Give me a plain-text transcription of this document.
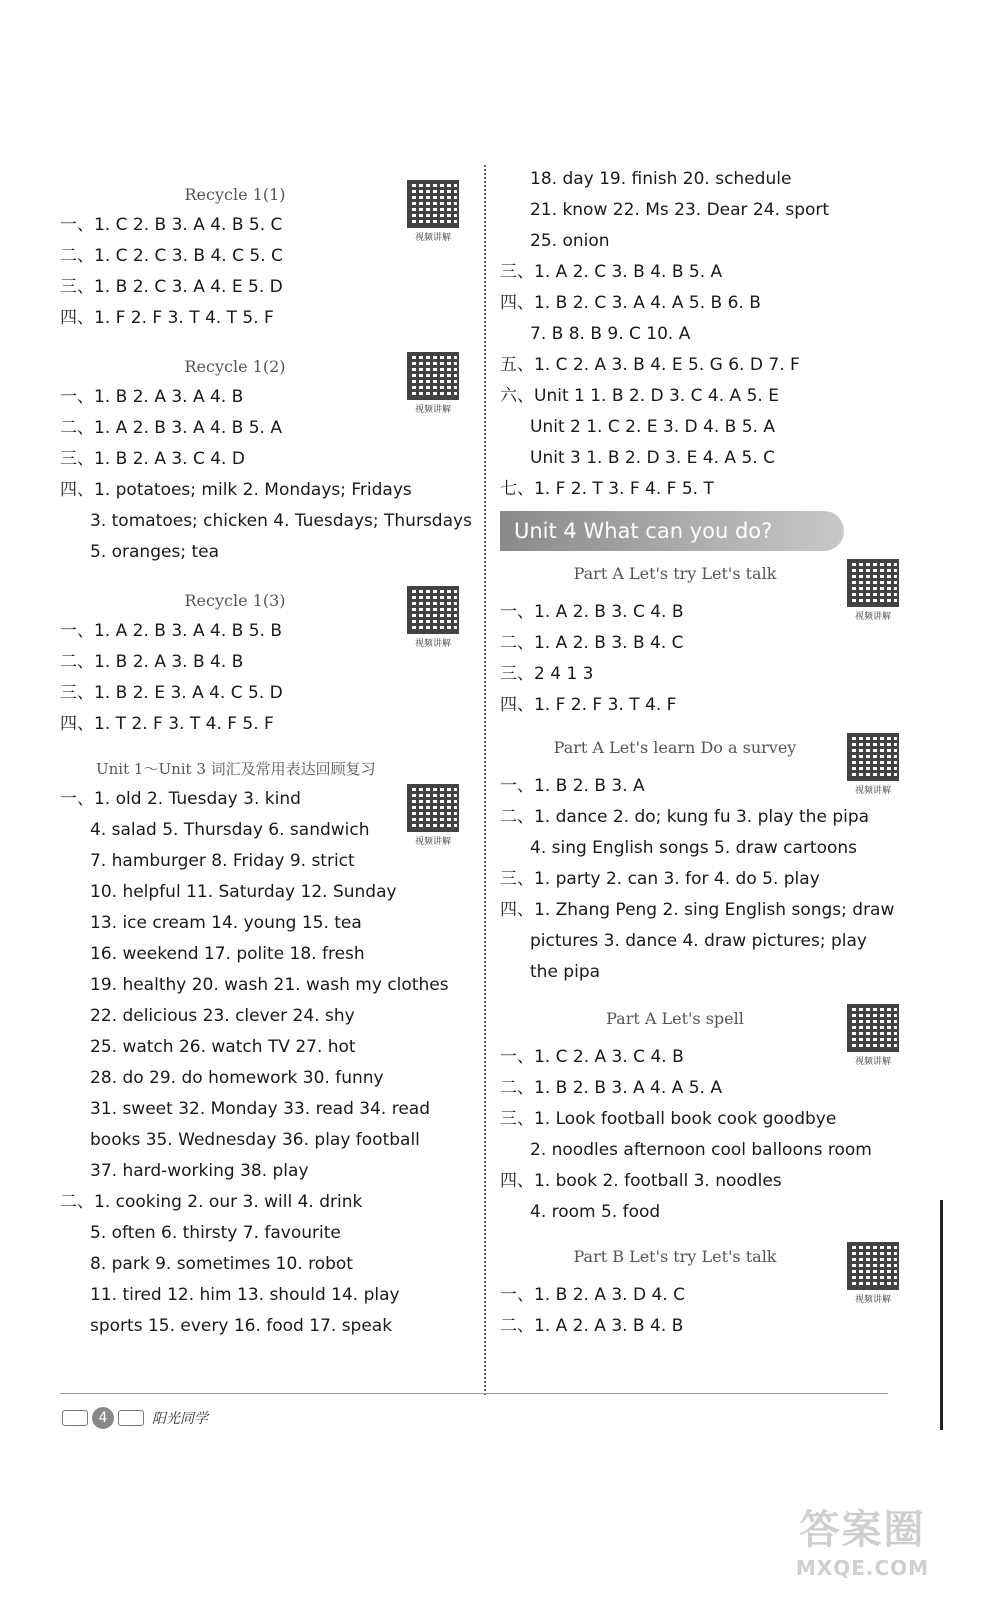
Recycle 1(1)
视频讲解
一、1. C 2. B 3. A 4. B 5. C
二、1. C 2. C 3. B 4. C 5. C
三、1. B 2. C 3. A 4. E 5. D
四、1. F 2. F 3. T 4. T 5. F
Recycle 1(2)
视频讲解
一、1. B 2. A 3. A 4. B
二、1. A 2. B 3. A 4. B 5. A
三、1. B 2. A 3. C 4. D
四、1. potatoes; milk 2. Mondays; Fridays
3. tomatoes; chicken 4. Tuesdays; Thursdays
5. oranges; tea
Recycle 1(3)
视频讲解
一、1. A 2. B 3. A 4. B 5. B
二、1. B 2. A 3. B 4. B
三、1. B 2. E 3. A 4. C 5. D
四、1. T 2. F 3. T 4. F 5. F
Unit 1～Unit 3 词汇及常用表达回顾复习
视频讲解
一、1. old 2. Tuesday 3. kind
4. salad 5. Thursday 6. sandwich
7. hamburger 8. Friday 9. strict
10. helpful 11. Saturday 12. Sunday
13. ice cream 14. young 15. tea
16. weekend 17. polite 18. fresh
19. healthy 20. wash 21. wash my clothes
22. delicious 23. clever 24. shy
25. watch 26. watch TV 27. hot
28. do 29. do homework 30. funny
31. sweet 32. Monday 33. read 34. read
books 35. Wednesday 36. play football
37. hard-working 38. play
二、1. cooking 2. our 3. will 4. drink
5. often 6. thirsty 7. favourite
8. park 9. sometimes 10. robot
11. tired 12. him 13. should 14. play
sports 15. every 16. food 17. speak
18. day 19. finish 20. schedule
21. know 22. Ms 23. Dear 24. sport
25. onion
三、1. A 2. C 3. B 4. B 5. A
四、1. B 2. C 3. A 4. A 5. B 6. B
7. B 8. B 9. C 10. A
五、1. C 2. A 3. B 4. E 5. G 6. D 7. F
六、Unit 1 1. B 2. D 3. C 4. A 5. E
Unit 2 1. C 2. E 3. D 4. B 5. A
Unit 3 1. B 2. D 3. E 4. A 5. C
七、1. F 2. T 3. F 4. F 5. T
Unit 4 What can you do?
Part A Let's try Let's talk
视频讲解
一、1. A 2. B 3. C 4. B
二、1. A 2. B 3. B 4. C
三、2 4 1 3
四、1. F 2. F 3. T 4. F
Part A Let's learn Do a survey
视频讲解
一、1. B 2. B 3. A
二、1. dance 2. do; kung fu 3. play the pipa
4. sing English songs 5. draw cartoons
三、1. party 2. can 3. for 4. do 5. play
四、1. Zhang Peng 2. sing English songs; draw
pictures 3. dance 4. draw pictures; play
the pipa
Part A Let's spell
视频讲解
一、1. C 2. A 3. C 4. B
二、1. B 2. B 3. A 4. A 5. A
三、1. Look football book cook goodbye
2. noodles afternoon cool balloons room
四、1. book 2. football 3. noodles
4. room 5. food
Part B Let's try Let's talk
视频讲解
一、1. B 2. A 3. D 4. C
二、1. A 2. A 3. B 4. B
4	阳光同学
答案圈
MXQE.COM
